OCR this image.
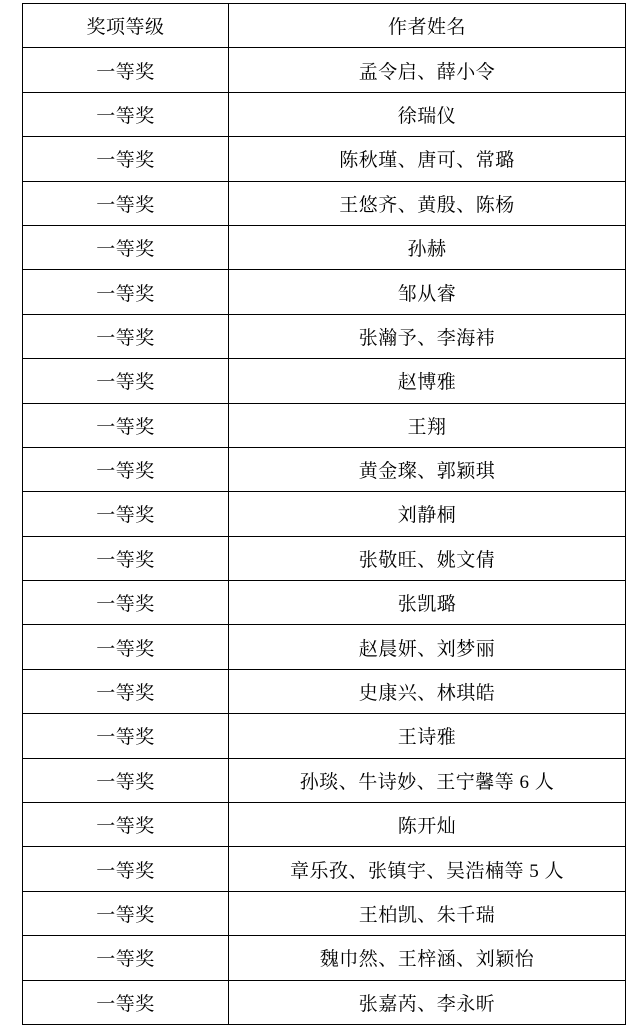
奖项等级	作者姓名
一等奖	孟令启、薛小令
一等奖	徐瑞仪
一等奖	陈秋瑾、唐可、常璐
一等奖	王悠齐、黄殷、陈杨
一等奖	孙赫
一等奖	邹从睿
一等奖	张瀚予、李海袆
一等奖	赵博雅
一等奖	王翔
一等奖	黄金璨、郭颖琪
一等奖	刘静桐
一等奖	张敬旺、姚文倩
一等奖	张凯璐
一等奖	赵晨妍、刘梦丽
一等奖	史康兴、林琪皓
一等奖	王诗雅
一等奖	孙琰、牛诗妙、王宁馨等 6 人
一等奖	陈开灿
一等奖	章乐孜、张镇宇、吴浩楠等 5 人
一等奖	王柏凯、朱千瑞
一等奖	魏巾然、王梓涵、刘颖怡
一等奖	张嘉芮、李永昕
